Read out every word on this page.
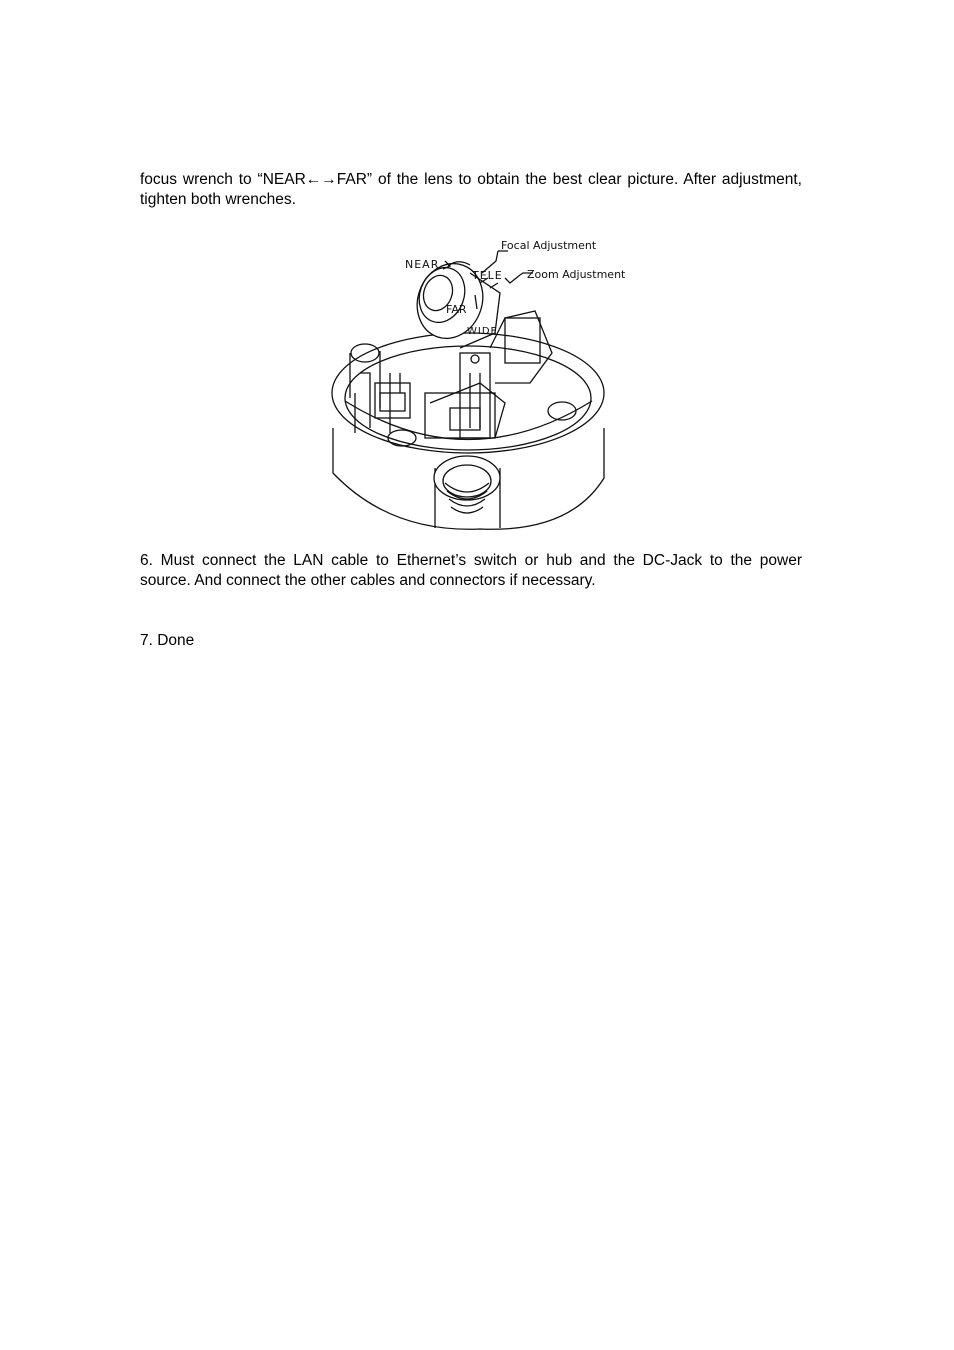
focus wrench to “NEAR←→FAR” of the lens to obtain the best clear picture. After adjustment, tighten both wrenches.

Focal Adjustment
Zoom Adjustment
NEAR
TELE
FAR
WIDE

6. Must connect the LAN cable to Ethernet’s switch or hub and the DC-Jack to the power source. And connect the other cables and connectors if necessary.

7. Done
